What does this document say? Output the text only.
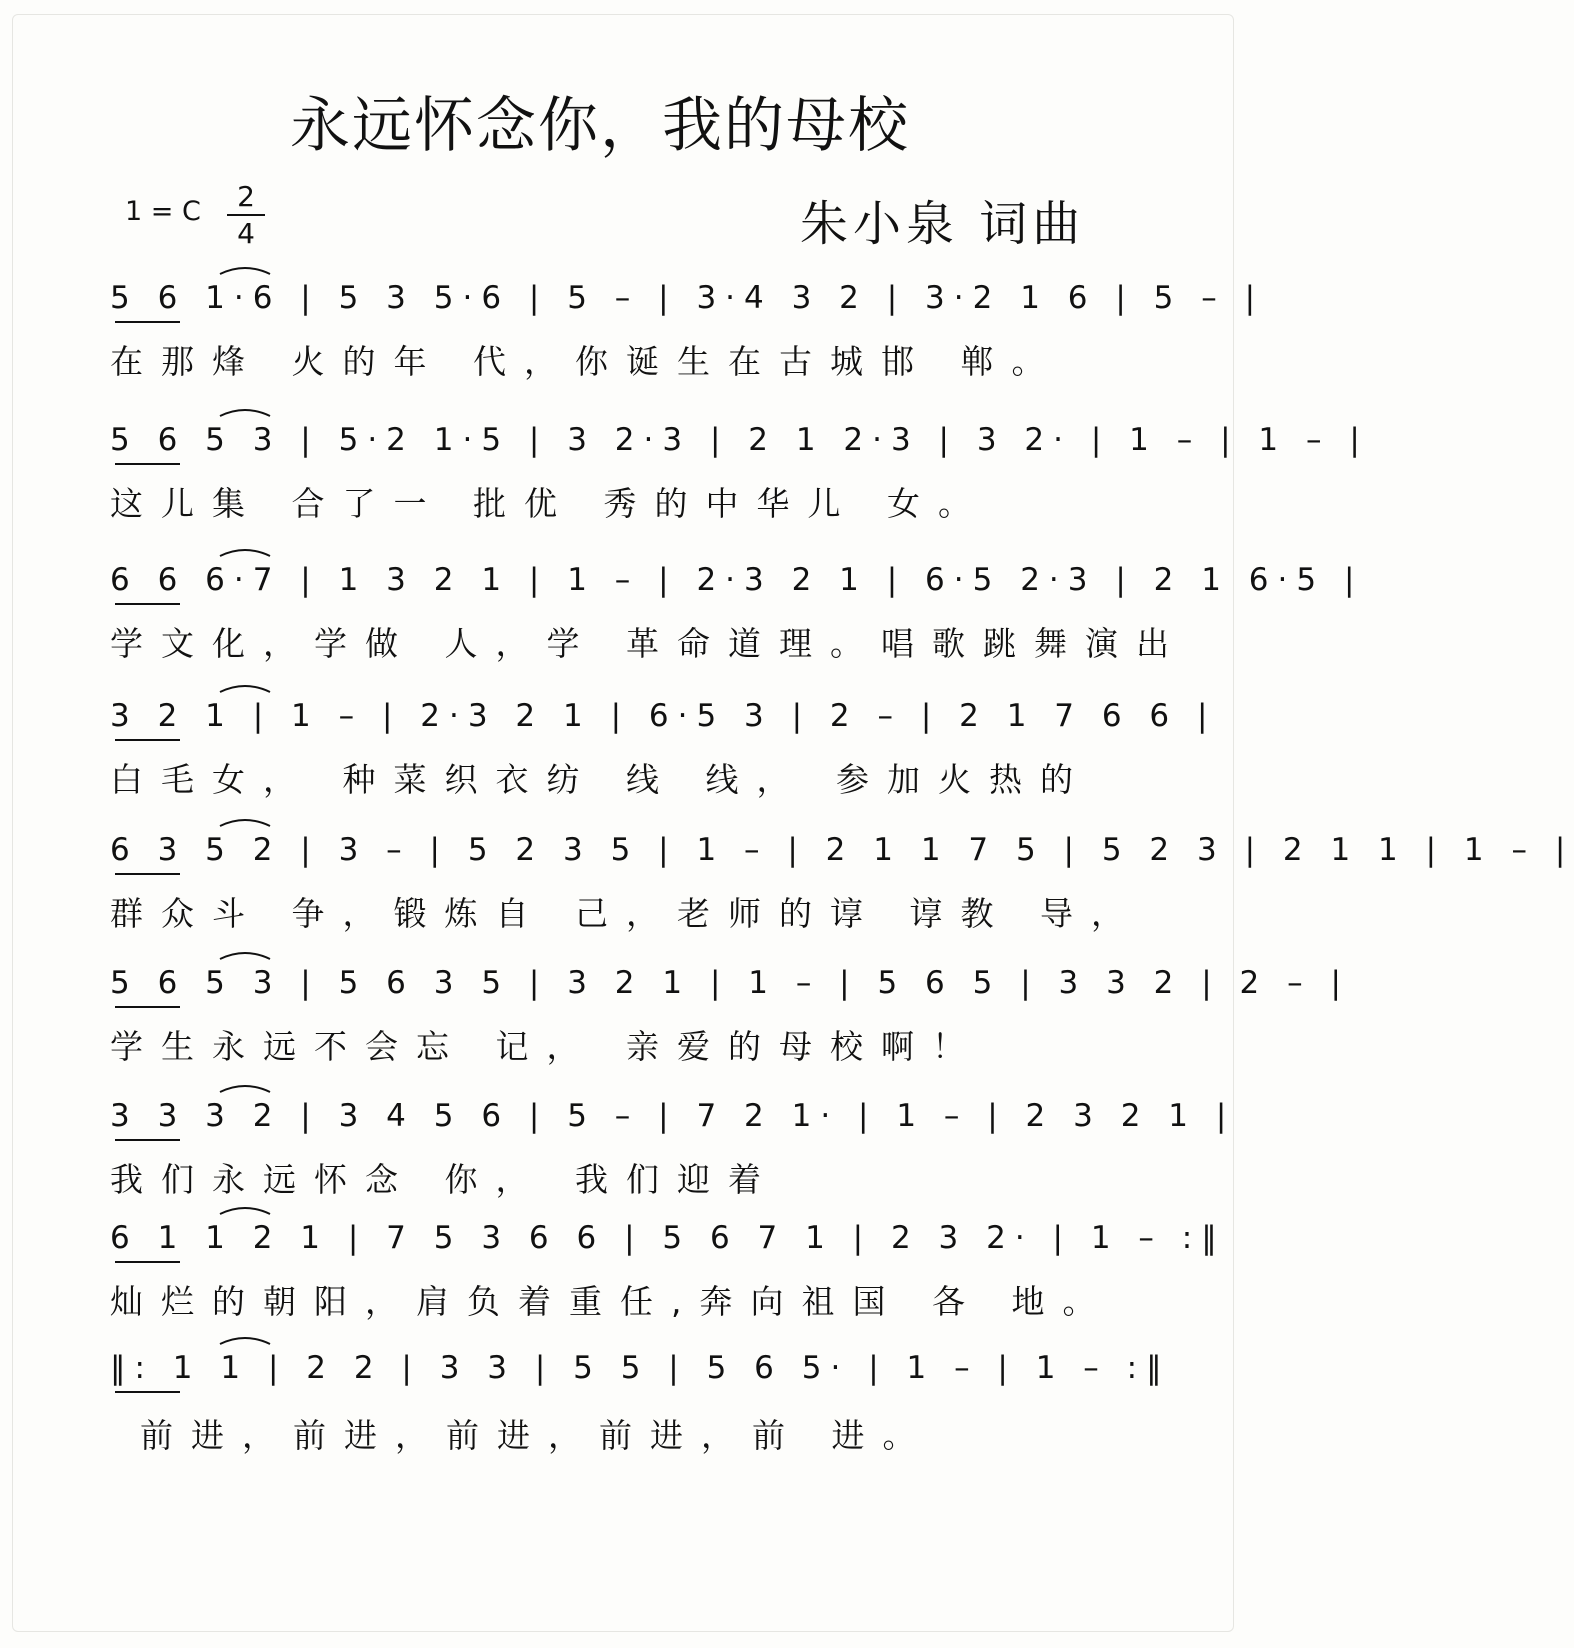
永远怀念你，我的母校
1 = C	2
4	朱小泉 词曲
5 6 1·6 | 5 3 5·6 | 5 – | 3·4 3 2 | 3·2 1 6 | 5 – |
在那烽 火的年 代，你诞生在古城邯 郸。
5 6 5 3 | 5·2 1·5 | 3 2·3 | 2 1 2·3 | 3 2· | 1 – | 1 – |
这儿集 合了一 批优 秀的中华儿 女。
6 6 6·7 | 1 3 2 1 | 1 – | 2·3 2 1 | 6·5 2·3 | 2 1 6·5 |
学文化，学做 人，学 革命道理。唱歌跳舞演出
3 2 1 | 1 – | 2·3 2 1 | 6·5 3 | 2 – | 2 1 7 6 6 |
白毛女， 种菜织衣纺 线 线， 参加火热的
6 3 5 2 | 3 – | 5 2 3 5 | 1 – | 2 1 1 7 5 | 5 2 3 | 2 1 1 | 1 – |
群众斗 争，锻炼自 己，老师的谆 谆教 导，
5 6 5 3 | 5 6 3 5 | 3 2 1 | 1 – | 5 6 5 | 3 3 2 | 2 – |
学生永远不会忘 记， 亲爱的母校啊！
3 3 3 2 | 3 4 5 6 | 5 – | 7 2 1· | 1 – | 2 3 2 1 |
我们永远怀念 你， 我们迎着
6 1 1 2 1 | 7 5 3 6 6 | 5 6 7 1 | 2 3 2· | 1 – :‖
灿烂的朝阳，肩负着重任,奔向祖国 各 地。
‖: 1 1 | 2 2 | 3 3 | 5 5 | 5 6 5· | 1 – | 1 – :‖
前进，前进，前进，前进，前 进。
